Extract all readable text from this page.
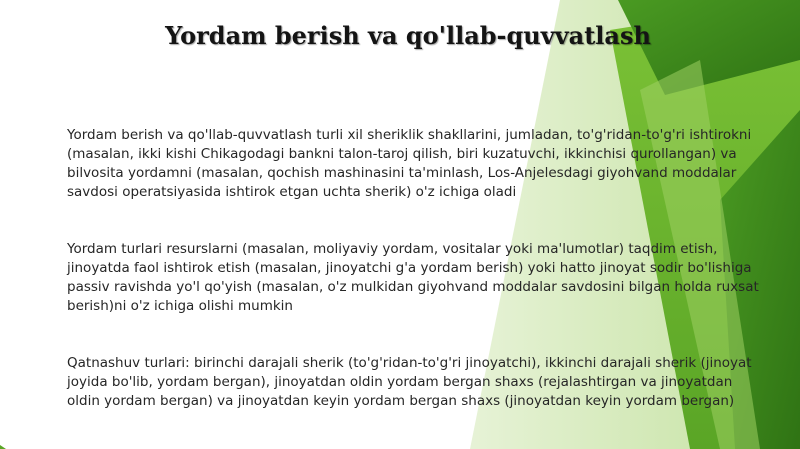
Yordam berish va qo'llab-quvvatlash

Yordam berish va qo'llab-quvvatlash turli xil sheriklik shakllarini, jumladan, to'g'ridan-to'g'ri ishtirokni (masalan, ikki kishi Chikagodagi bankni talon-taroj qilish, biri kuzatuvchi, ikkinchisi qurollangan) va bilvosita yordamni (masalan, qochish mashinasini ta'minlash, Los-Anjelesdagi giyohvand moddalar savdosi operatsiyasida ishtirok etgan uchta sherik) o'z ichiga oladi

Yordam turlari resurslarni (masalan, moliyaviy yordam, vositalar yoki ma'lumotlar) taqdim etish, jinoyatda faol ishtirok etish (masalan, jinoyatchi g'a yordam berish) yoki hatto jinoyat sodir bo'lishiga passiv ravishda yo'l qo'yish (masalan, o'z mulkidan giyohvand moddalar savdosini bilgan holda ruxsat berish)ni o'z ichiga olishi mumkin

Qatnashuv turlari: birinchi darajali sherik (to'g'ridan-to'g'ri jinoyatchi), ikkinchi darajali sherik (jinoyat joyida bo'lib, yordam bergan), jinoyatdan oldin yordam bergan shaxs (rejalashtirgan va jinoyatdan oldin yordam bergan) va jinoyatdan keyin yordam bergan shaxs (jinoyatdan keyin yordam bergan)
